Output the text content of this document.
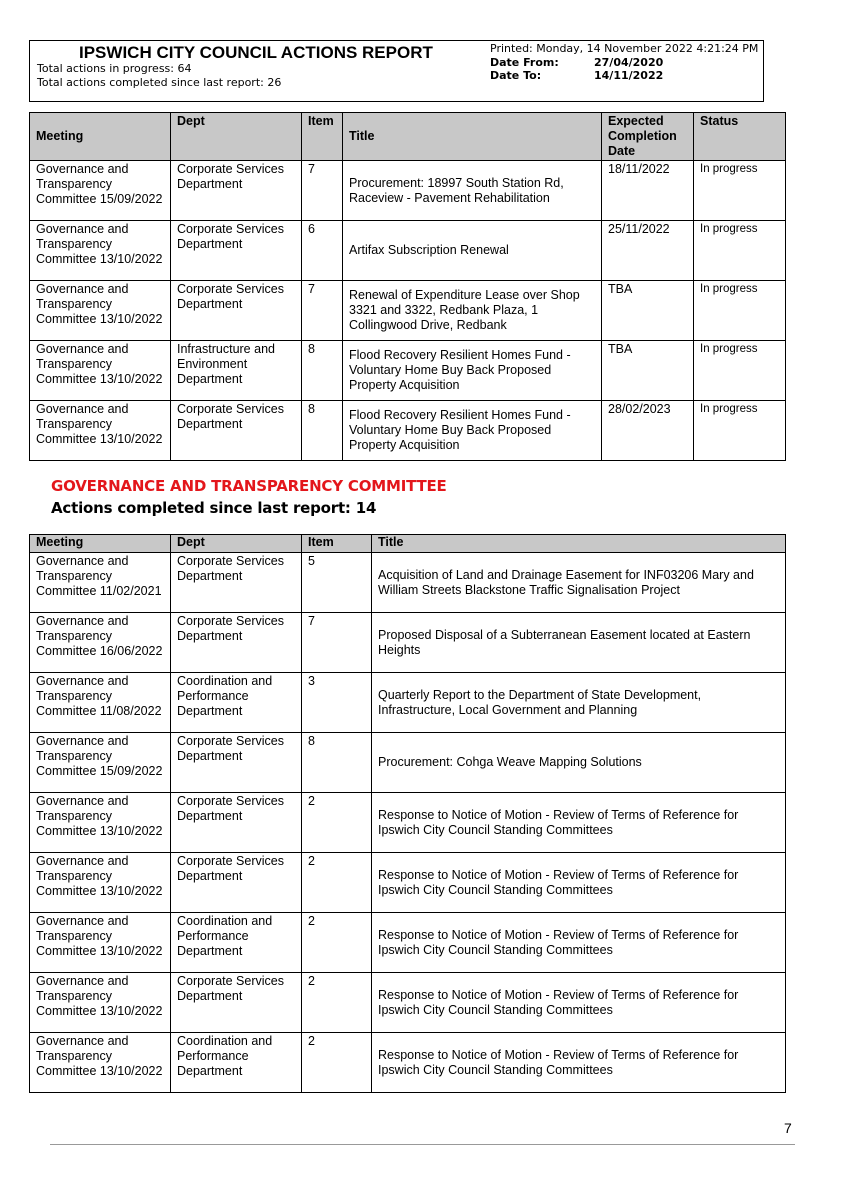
IPSWICH CITY COUNCIL ACTIONS REPORT
Total actions in progress: 64
Total actions completed since last report: 26
Printed: Monday, 14 November 2022 4:21:24 PM
Date From:	27/04/2020
Date To:	14/11/2022
Meeting	Dept	Item	Title	Expected Completion Date	Status
Governance and Transparency Committee 15/09/2022	Corporate Services Department	7	Procurement: 18997 South Station Rd, Raceview - Pavement Rehabilitation	18/11/2022	In progress
Governance and Transparency Committee 13/10/2022	Corporate Services Department	6	Artifax Subscription Renewal	25/11/2022	In progress
Governance and Transparency Committee 13/10/2022	Corporate Services Department	7	Renewal of Expenditure Lease over Shop 3321 and 3322, Redbank Plaza, 1 Collingwood Drive, Redbank	TBA	In progress
Governance and Transparency Committee 13/10/2022	Infrastructure and Environment Department	8	Flood Recovery Resilient Homes Fund - Voluntary Home Buy Back Proposed Property Acquisition	TBA	In progress
Governance and Transparency Committee 13/10/2022	Corporate Services Department	8	Flood Recovery Resilient Homes Fund - Voluntary Home Buy Back Proposed Property Acquisition	28/02/2023	In progress
GOVERNANCE AND TRANSPARENCY COMMITTEE
Actions completed since last report: 14
Meeting	Dept	Item	Title
Governance and Transparency Committee 11/02/2021	Corporate Services Department	5	Acquisition of Land and Drainage Easement for INF03206 Mary and William Streets Blackstone Traffic Signalisation Project
Governance and Transparency Committee 16/06/2022	Corporate Services Department	7	Proposed Disposal of a Subterranean Easement located at Eastern Heights
Governance and Transparency Committee 11/08/2022	Coordination and Performance Department	3	Quarterly Report to the Department of State Development, Infrastructure, Local Government and Planning
Governance and Transparency Committee 15/09/2022	Corporate Services Department	8	Procurement: Cohga Weave Mapping Solutions
Governance and Transparency Committee 13/10/2022	Corporate Services Department	2	Response to Notice of Motion - Review of Terms of Reference for Ipswich City Council Standing Committees
Governance and Transparency Committee 13/10/2022	Corporate Services Department	2	Response to Notice of Motion - Review of Terms of Reference for Ipswich City Council Standing Committees
Governance and Transparency Committee 13/10/2022	Coordination and Performance Department	2	Response to Notice of Motion - Review of Terms of Reference for Ipswich City Council Standing Committees
Governance and Transparency Committee 13/10/2022	Corporate Services Department	2	Response to Notice of Motion - Review of Terms of Reference for Ipswich City Council Standing Committees
Governance and Transparency Committee 13/10/2022	Coordination and Performance Department	2	Response to Notice of Motion - Review of Terms of Reference for Ipswich City Council Standing Committees
7
